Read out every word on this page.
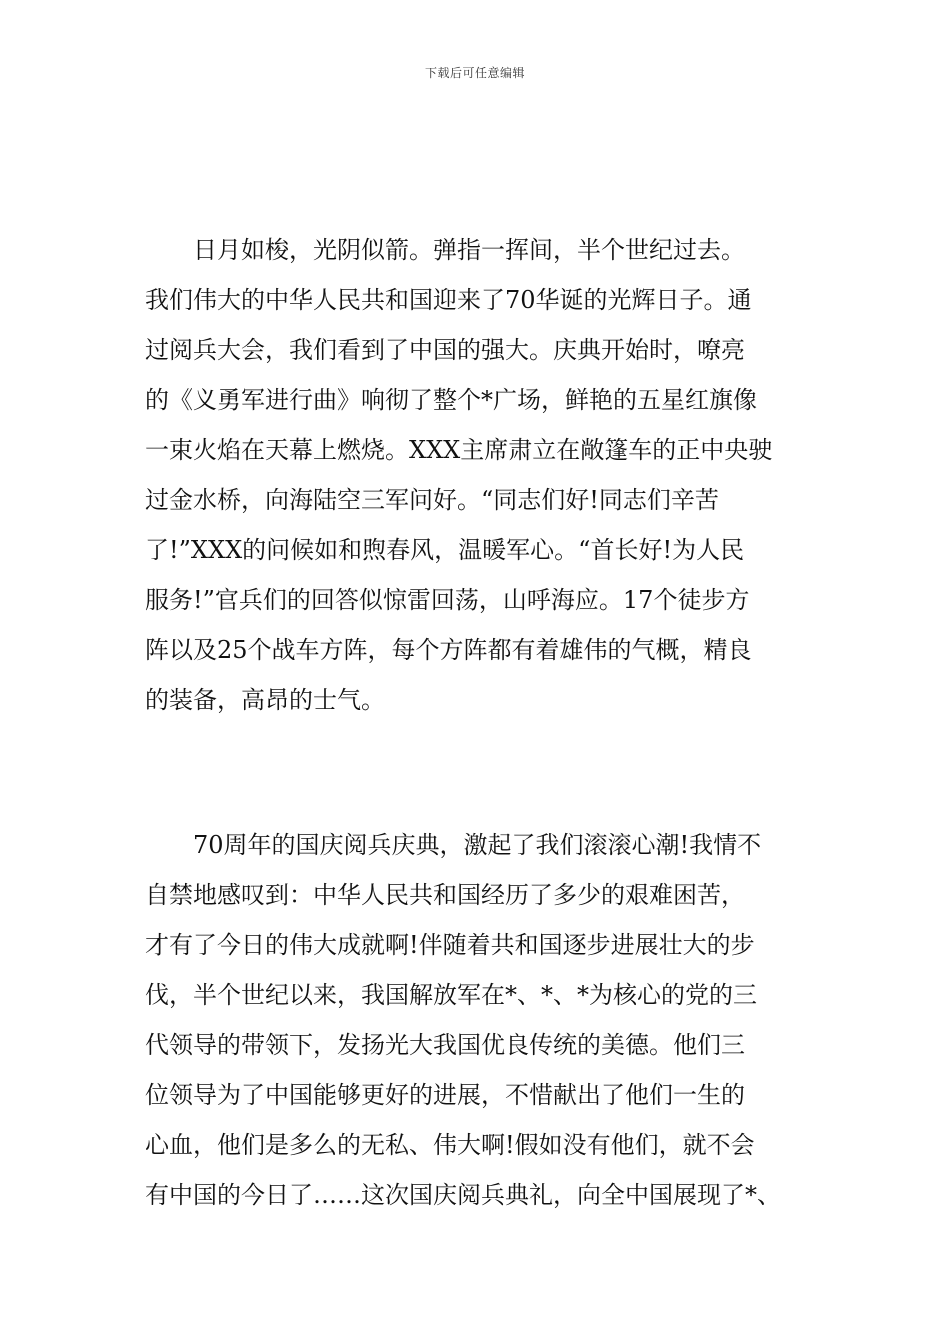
下载后可任意编辑
　　日月如梭，光阴似箭。弹指一挥间，半个世纪过去。
我们伟大的中华人民共和国迎来了70华诞的光辉日子。通
过阅兵大会，我们看到了中国的强大。庆典开始时，嘹亮
的《义勇军进行曲》响彻了整个*广场，鲜艳的五星红旗像
一束火焰在天幕上燃烧。XXX主席肃立在敞篷车的正中央驶
过金水桥，向海陆空三军问好。“同志们好!同志们辛苦
了!”XXX的问候如和煦春风，温暖军心。“首长好!为人民
服务!”官兵们的回答似惊雷回荡，山呼海应。17个徒步方
阵以及25个战车方阵，每个方阵都有着雄伟的气概，精良
的装备，高昂的士气。
　　70周年的国庆阅兵庆典，激起了我们滚滚心潮!我情不
自禁地感叹到：中华人民共和国经历了多少的艰难困苦，
才有了今日的伟大成就啊!伴随着共和国逐步进展壮大的步
伐，半个世纪以来，我国解放军在*、*、*为核心的党的三
代领导的带领下，发扬光大我国优良传统的美德。他们三
位领导为了中国能够更好的进展，不惜献出了他们一生的
心血，他们是多么的无私、伟大啊!假如没有他们，就不会
有中国的今日了……这次国庆阅兵典礼，向全中国展现了*、
